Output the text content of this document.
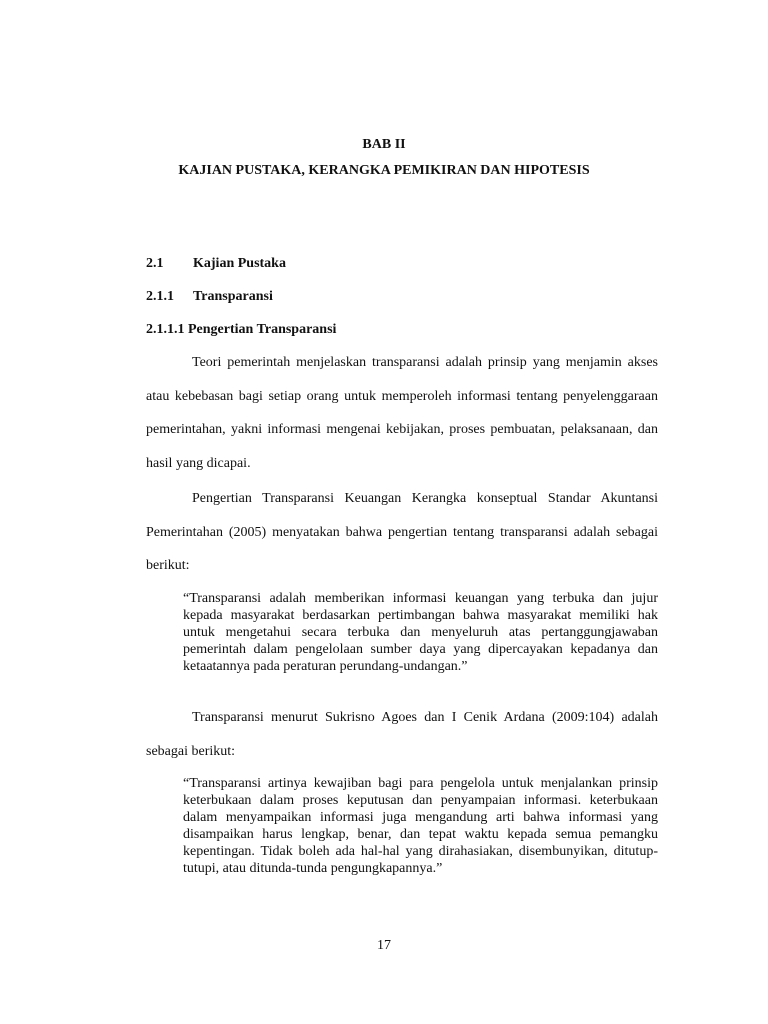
BAB II

KAJIAN PUSTAKA, KERANGKA PEMIKIRAN DAN HIPOTESIS

2.1 Kajian Pustaka

2.1.1 Transparansi

2.1.1.1 Pengertian Transparansi

Teori pemerintah menjelaskan transparansi adalah prinsip yang menjamin akses atau kebebasan bagi setiap orang untuk memperoleh informasi tentang penyelenggaraan pemerintahan, yakni informasi mengenai kebijakan, proses pembuatan, pelaksanaan, dan hasil yang dicapai.

Pengertian Transparansi Keuangan Kerangka konseptual Standar Akuntansi Pemerintahan (2005) menyatakan bahwa pengertian tentang transparansi adalah sebagai berikut:

“Transparansi adalah memberikan informasi keuangan yang terbuka dan jujur kepada masyarakat berdasarkan pertimbangan bahwa masyarakat memiliki hak untuk mengetahui secara terbuka dan menyeluruh atas pertanggungjawaban pemerintah dalam pengelolaan sumber daya yang dipercayakan kepadanya dan ketaatannya pada peraturan perundang-undangan.”

Transparansi menurut Sukrisno Agoes dan I Cenik Ardana (2009:104) adalah sebagai berikut:

“Transparansi artinya kewajiban bagi para pengelola untuk menjalankan prinsip keterbukaan dalam proses keputusan dan penyampaian informasi. keterbukaan dalam menyampaikan informasi juga mengandung arti bahwa informasi yang disampaikan harus lengkap, benar, dan tepat waktu kepada semua pemangku kepentingan. Tidak boleh ada hal-hal yang dirahasiakan, disembunyikan, ditutup-tutupi, atau ditunda-tunda pengungkapannya.”

17
